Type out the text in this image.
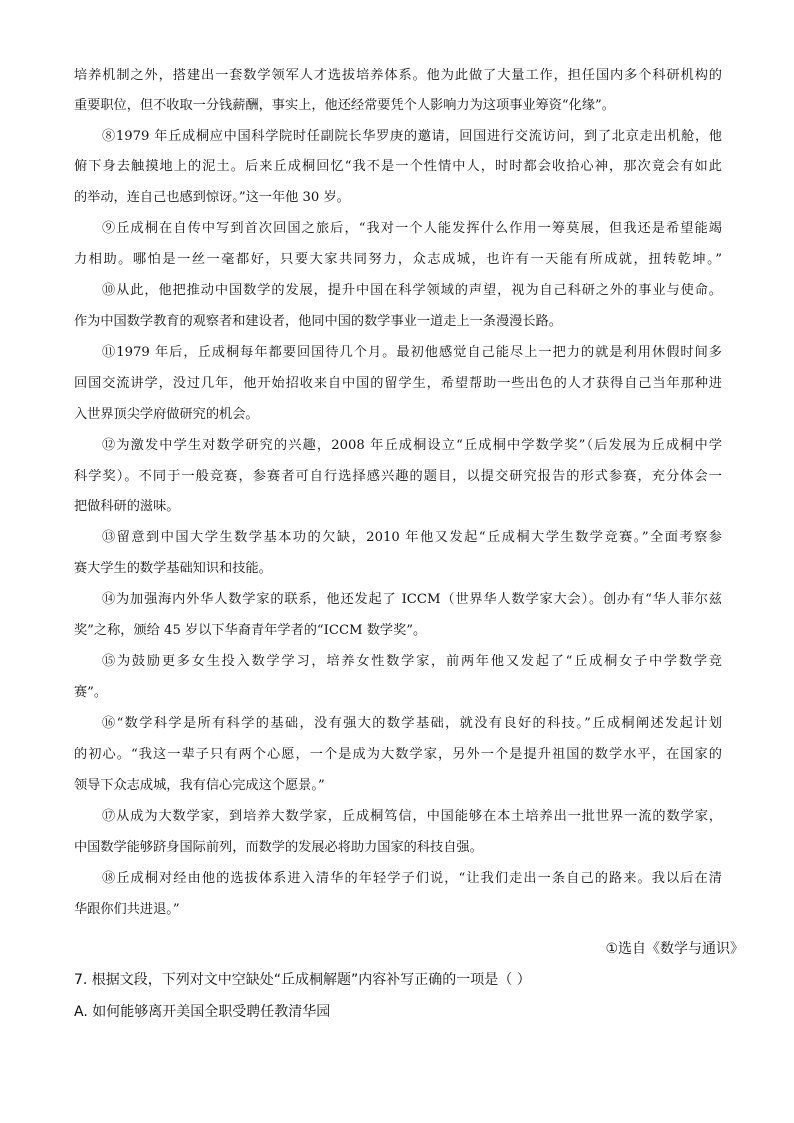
培养机制之外，搭建出一套数学领军人才选拔培养体系。他为此做了大量工作，担任国内多个科研机构的
重要职位，但不收取一分钱薪酬，事实上，他还经常要凭个人影响力为这项事业筹资“化缘”。
⑧1979 年丘成桐应中国科学院时任副院长华罗庚的邀请，回国进行交流访问，到了北京走出机舱，他
俯下身去触摸地上的泥土。后来丘成桐回忆“我不是一个性情中人，时时都会收拾心神，那次竟会有如此
的举动，连自己也感到惊讶。”这一年他 30 岁。
⑨丘成桐在自传中写到首次回国之旅后，“我对一个人能发挥什么作用一筹莫展，但我还是希望能竭
力相助。哪怕是一丝一毫都好，只要大家共同努力，众志成城，也许有一天能有所成就，扭转乾坤。”
⑩从此，他把推动中国数学的发展，提升中国在科学领域的声望，视为自己科研之外的事业与使命。
作为中国数学教育的观察者和建设者，他同中国的数学事业一道走上一条漫漫长路。
⑪1979 年后，丘成桐每年都要回国待几个月。最初他感觉自己能尽上一把力的就是利用休假时间多
回国交流讲学，没过几年，他开始招收来自中国的留学生，希望帮助一些出色的人才获得自己当年那种进
入世界顶尖学府做研究的机会。
⑫为激发中学生对数学研究的兴趣，2008 年丘成桐设立“丘成桐中学数学奖”（后发展为丘成桐中学
科学奖）。不同于一般竞赛，参赛者可自行选择感兴趣的题目，以提交研究报告的形式参赛，充分体会一
把做科研的滋味。
⑬留意到中国大学生数学基本功的欠缺，2010 年他又发起“丘成桐大学生数学竞赛。”全面考察参
赛大学生的数学基础知识和技能。
⑭为加强海内外华人数学家的联系，他还发起了 ICCM（世界华人数学家大会）。创办有“华人菲尔兹
奖”之称，颁给 45 岁以下华裔青年学者的“ICCM 数学奖”。
⑮为鼓励更多女生投入数学学习，培养女性数学家，前两年他又发起了“丘成桐女子中学数学竞
赛”。
⑯“数学科学是所有科学的基础，没有强大的数学基础，就没有良好的科技。”丘成桐阐述发起计划
的初心。“我这一辈子只有两个心愿，一个是成为大数学家，另外一个是提升祖国的数学水平，在国家的
领导下众志成城，我有信心完成这个愿景。”
⑰从成为大数学家，到培养大数学家，丘成桐笃信，中国能够在本土培养出一批世界一流的数学家，
中国数学能够跻身国际前列，而数学的发展必将助力国家的科技自强。
⑱丘成桐对经由他的选拔体系进入清华的年轻学子们说，“让我们走出一条自己的路来。我以后在清
华跟你们共进退。”
①选自《数学与通识》
7. 根据文段，下列对文中空缺处“丘成桐解题”内容补写正确的一项是（ ）
A. 如何能够离开美国全职受聘任教清华园
